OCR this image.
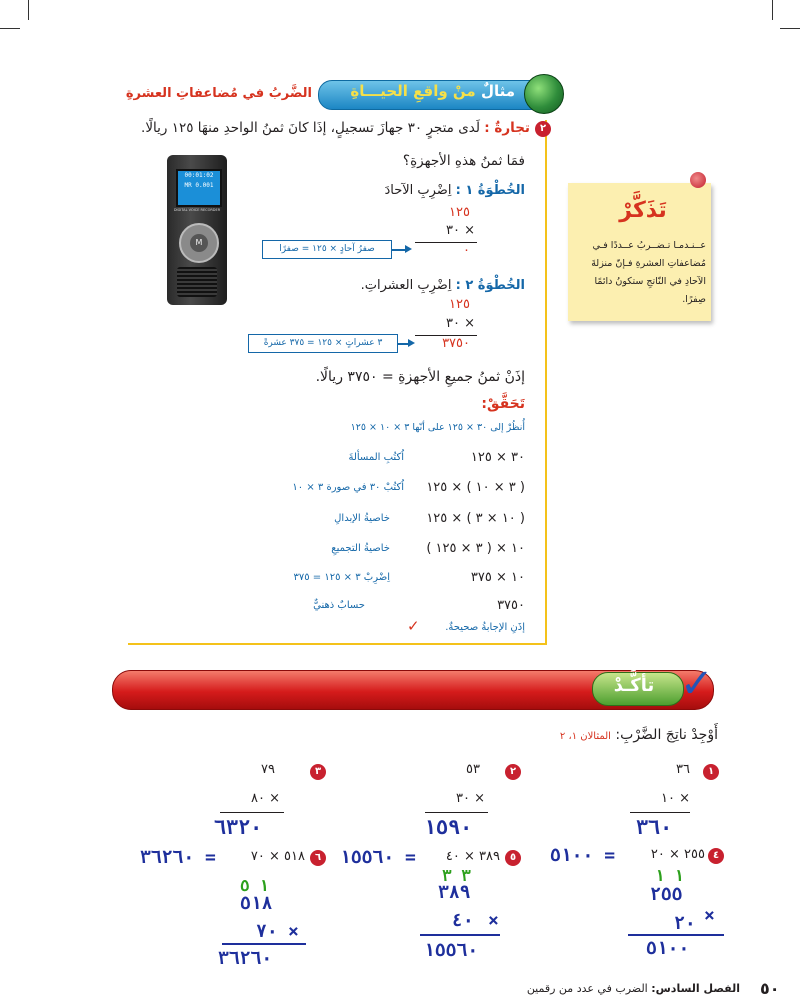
مثالٌ منْ واقعِ الحيـــاةِ
الضَّربُ في مُضاعفاتِ العشرةِ
٢
تجارةٌ : لَدى متجرٍ ٣٠ جهازَ تسجيلٍ، إذَا كانَ ثمنُ الواحدِ منهَا ١٢٥ ريالًا.
فمَا ثمنُ هذهِ الأجهزةِ؟
00:01:02
MR 0.001
DIGITAL VOICE RECORDER
M
الخُطْوَةُ ١ : اِضْرِبِ الآحادَ
١٢٥
× ٣٠
٠
صفرُ آحادٍ × ١٢٥ = صفرًا
الخُطْوَةُ ٢ : اِضْرِبِ العشراتِ.
١٢٥
× ٣٠
٣٧٥٠
٣ عشراتٍ × ١٢٥ = ٣٧٥ عشرةً
إذَنْ ثمنُ جميعِ الأجهزةِ = ٣٧٥٠ ريالًا.
تَحَقَّقْ:
أُنظُرْ إلى ٣٠ × ١٢٥ على أنّها ٣ × ١٠ × ١٢٥
٣٠ × ١٢٥
اُكتُبِ المسألةَ
( ٣ × ١٠ ) × ١٢٥
اُكتُبْ ٣٠ في صورة ٣ × ١٠
( ١٠ × ٣ ) × ١٢٥
خاصيةُ الإبدالِ
١٠ × ( ٣ × ١٢٥ )
خاصيةُ التجميعِ
١٠ × ٣٧٥
اِضْرِبْ ٣ × ١٢٥ = ٣٧٥
٣٧٥٠
حسابٌ ذهنيٌّ
إذَنِ الإجابةُ صحيحةٌ.
✓
تَذَكَّرْ
عــنـدمـا تـضــربُ عــددًا فـي
مُضاعفاتِ العشرةِ فـإنّ منزلةَ
الآحادِ في النّاتجِ ستكونُ دائمًا
صِفرًا.
تأكَّـدْ ✓
أَوْجِدْ ناتِجَ الضَّرْبِ: المثالان ١، ٢
١
٣٦
× ١٠
٣٦٠
٢
٥٣
× ٣٠
١٥٩٠
٣
٧٩
× ٨٠
٦٣٢٠
٤
٢٥٥ × ٢٠
= ٥١٠٠
١ ١
٢٥٥
٢٠ ×
٥١٠٠
٥
٣٨٩ × ٤٠
= ١٥٥٦٠
٣ ٣
٣٨٩
٤٠ ×
١٥٥٦٠
٦
٥١٨ × ٧٠
= ٣٦٢٦٠
١ ٥
٥١٨
٧٠ ×
٣٦٢٦٠
٥٠
الفصل السادس: الضرب في عدد من رقمين
